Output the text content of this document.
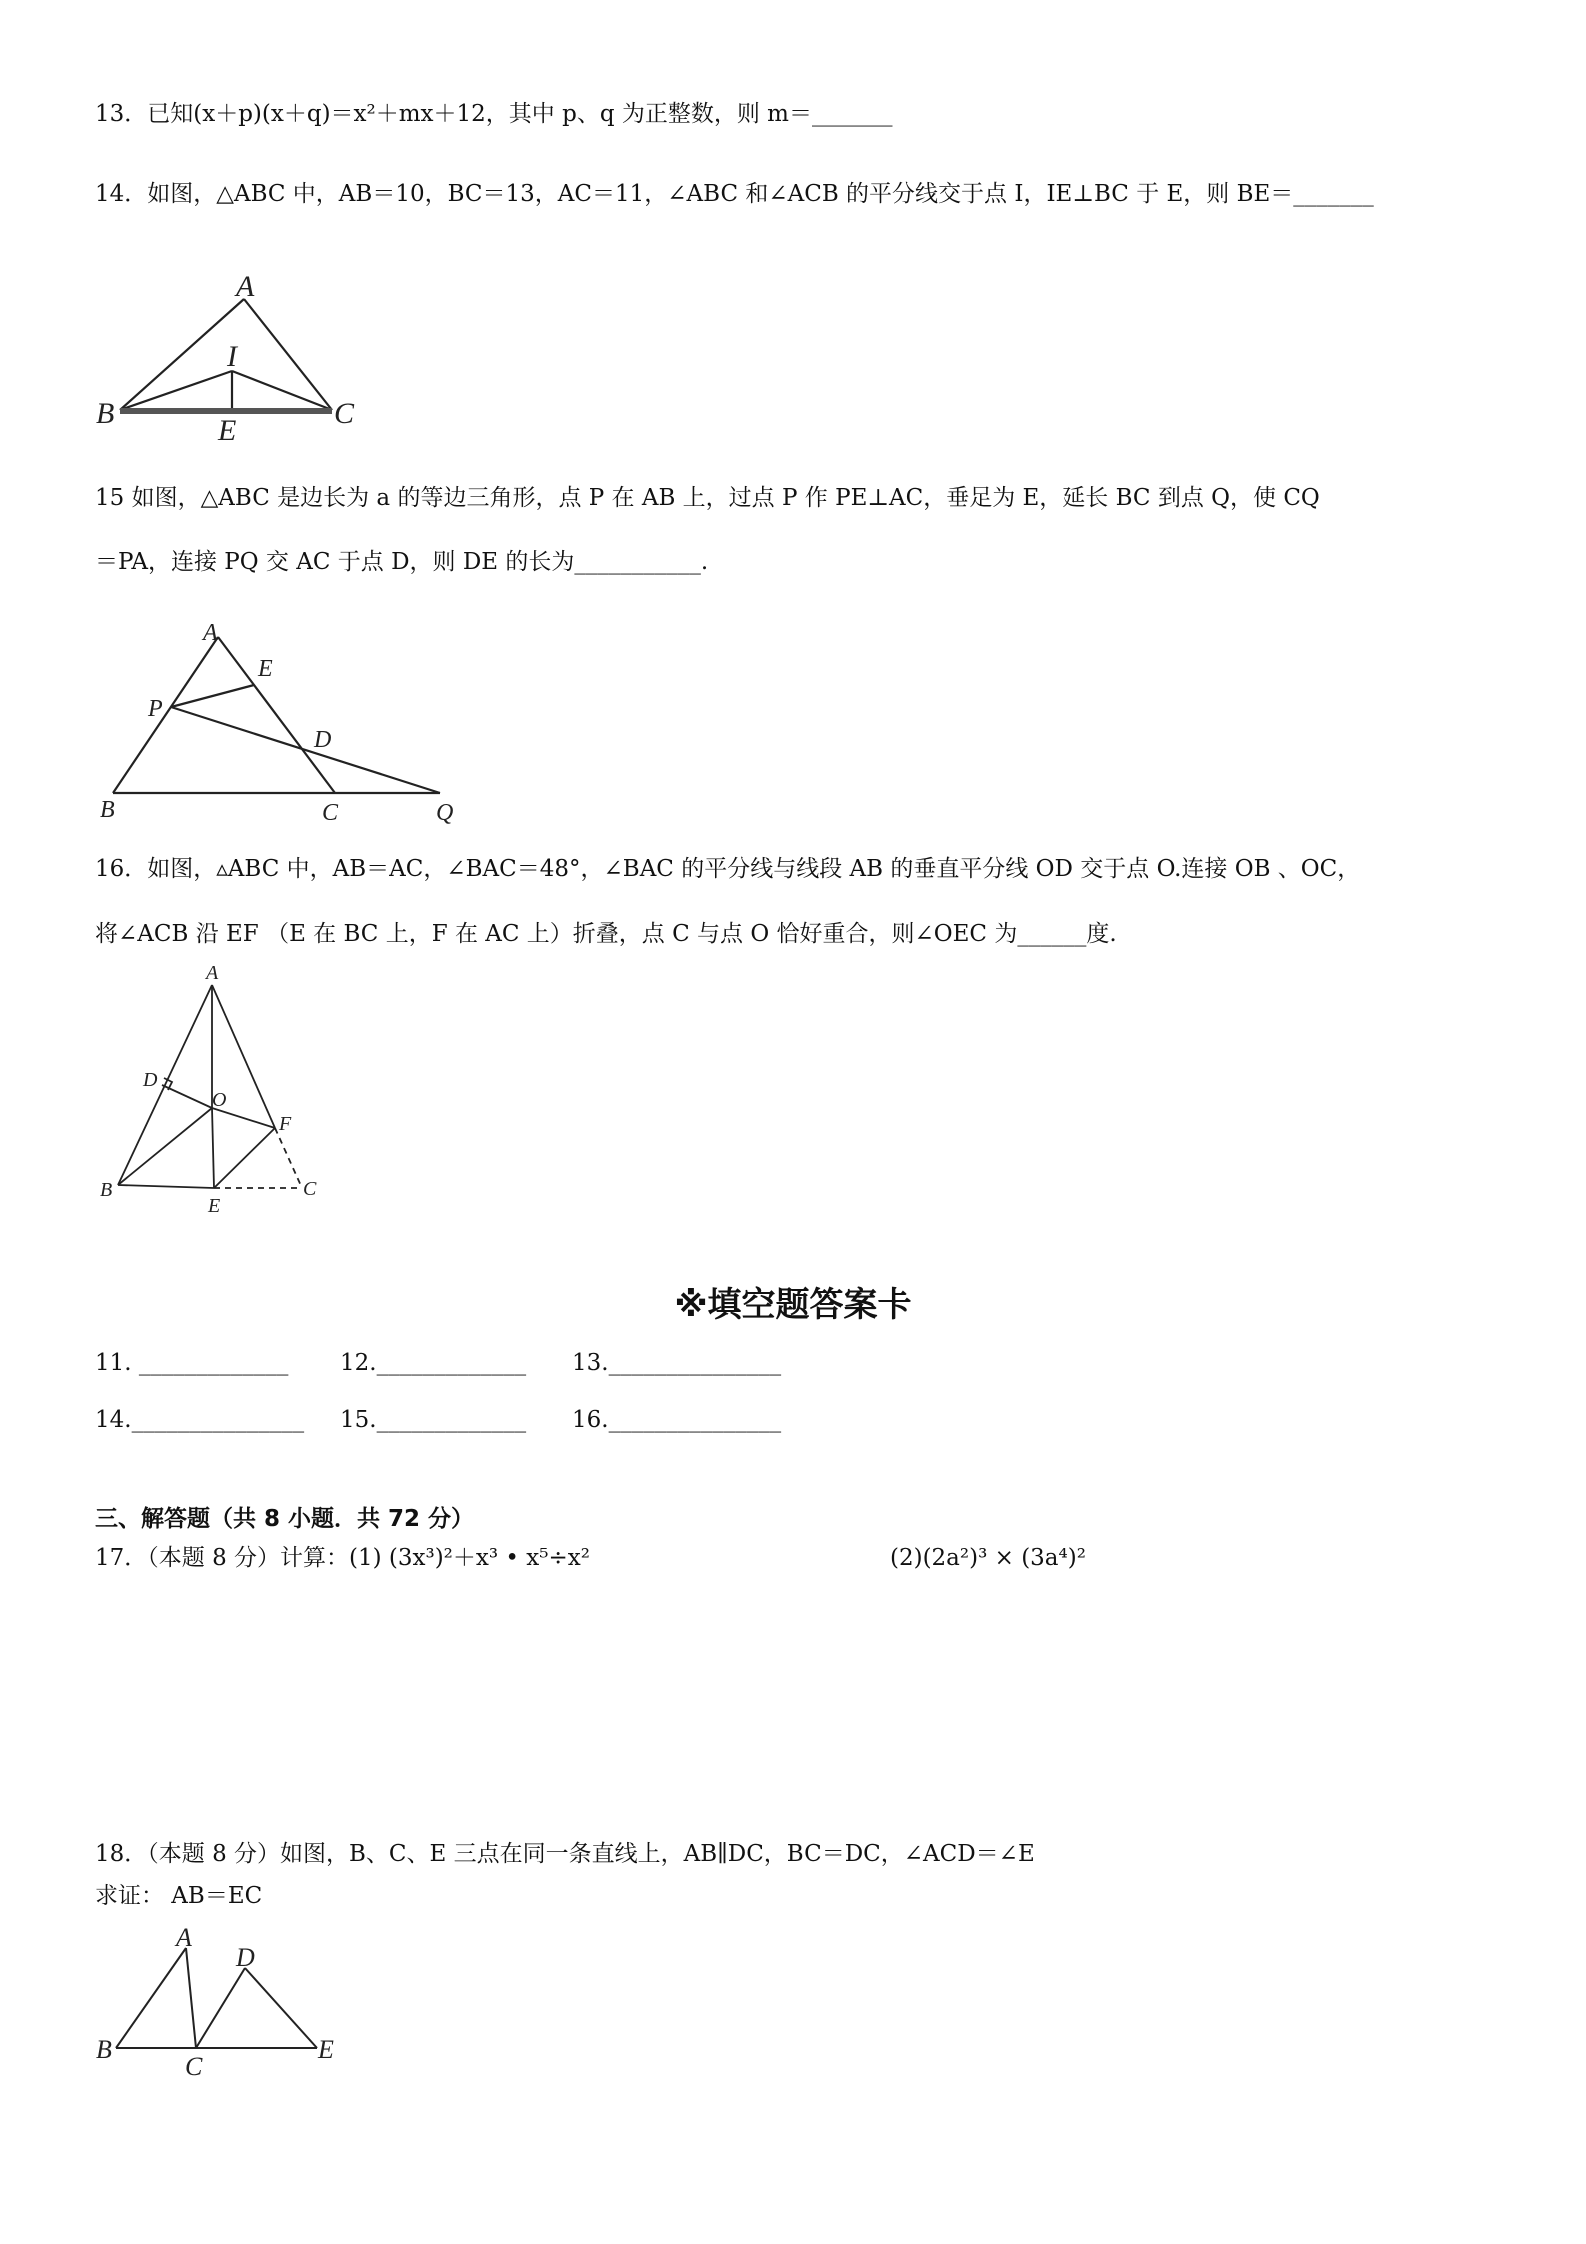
13．已知(x＋p)(x＋q)＝x²＋mx＋12，其中 p、q 为正整数，则 m＝_______
14．如图，△ABC 中，AB＝10，BC＝13，AC＝11，∠ABC 和∠ACB 的平分线交于点 I，IE⊥BC 于 E，则 BE＝_______
A
I
B
E
C
15 如图，△ABC 是边长为 a 的等边三角形，点 P 在 AB 上，过点 P 作 PE⊥AC，垂足为 E，延长 BC 到点 Q，使 CQ
＝PA，连接 PQ 交 AC 于点 D，则 DE 的长为___________.
A
E
P
D
B	C	Q
16．如图，▵ABC 中，AB＝AC，∠BAC＝48°，∠BAC 的平分线与线段 AB 的垂直平分线 OD 交于点 O.连接 OB 、OC，
将∠ACB 沿 EF （E 在 BC 上，F 在 AC 上）折叠，点 C 与点 O 恰好重合，则∠OEC 为______度.
A
D
O
F
B
E
C
※填空题答案卡
11. _____________ 12._____________ 13._______________
14._______________ 15._____________ 16._______________
三、解答题（共 8 小题．共 72 分）
17．（本题 8 分）计算：(1) (3x³)²＋x³ • x⁵÷x²	(2)(2a²)³ × (3a⁴)²
18．（本题 8 分）如图，B、C、E 三点在同一条直线上，AB∥DC，BC＝DC，∠ACD＝∠E
求证： AB＝EC
A
D
B
C
E
